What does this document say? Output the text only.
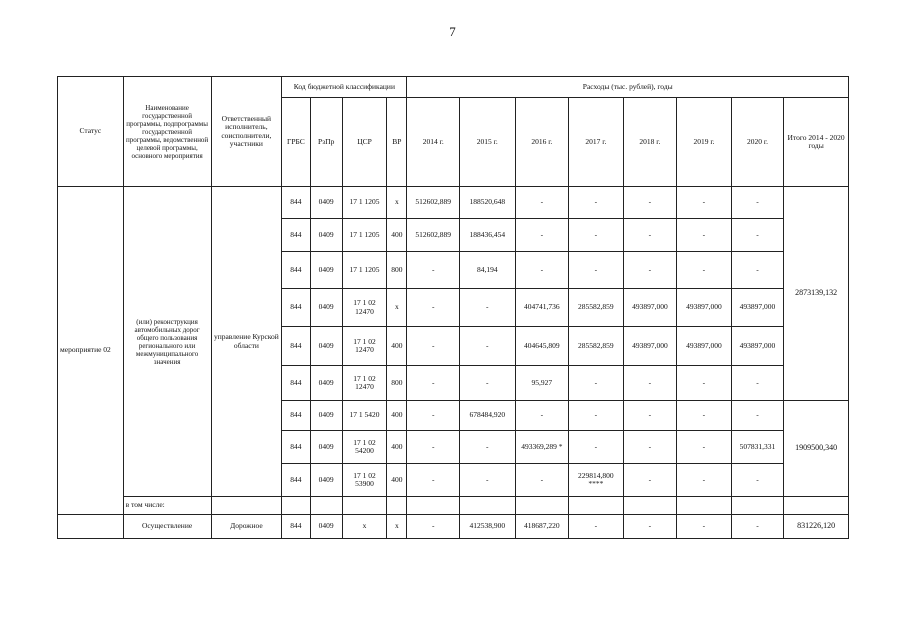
7
Статус	Наименование государственной программы, подпрограммы государственной программы, ведомственной целевой программы, основного мероприятия	Ответственный исполнитель, соисполнители, участники	Код бюджетной классификации				Расходы (тыс. рублей), годы							
			ГРБС	РзПр	ЦСР	ВР	2014 г.	2015 г.	2016 г.	2017 г.	2018 г.	2019 г.	2020 г.	Итого 2014 - 2020 годы
мероприятие 02	(или) реконструкция автомобильных дорог общего пользования регионального или межмуниципального значения	управление Курской области	844	0409	17 1 1205	х	512602,889	188520,648	-	-	-	-	-	2873139,132
			844	0409	17 1 1205	400	512602,889	188436,454	-	-	-	-	-	
			844	0409	17 1 1205	800	-	84,194	-	-	-	-	-	
			844	0409	17 1 02 12470	х	-	-	404741,736	285582,859	493897,000	493897,000	493897,000	
			844	0409	17 1 02 12470	400	-	-	404645,809	285582,859	493897,000	493897,000	493897,000	
			844	0409	17 1 02 12470	800	-	-	95,927	-	-	-	-	
			844	0409	17 1 5420	400	-	678484,920	-	-	-	-	-	1909500,340
			844	0409	17 1 02 54200	400	-	-	493369,289 *	-	-	-	507831,331	
			844	0409	17 1 02 53900	400	-	-	-	229814,800 ****	-	-	-	
	в том числе:													
	Осуществление	Дорожное	844	0409	х	х	-	412538,900	418687,220	-	-	-	-	831226,120
